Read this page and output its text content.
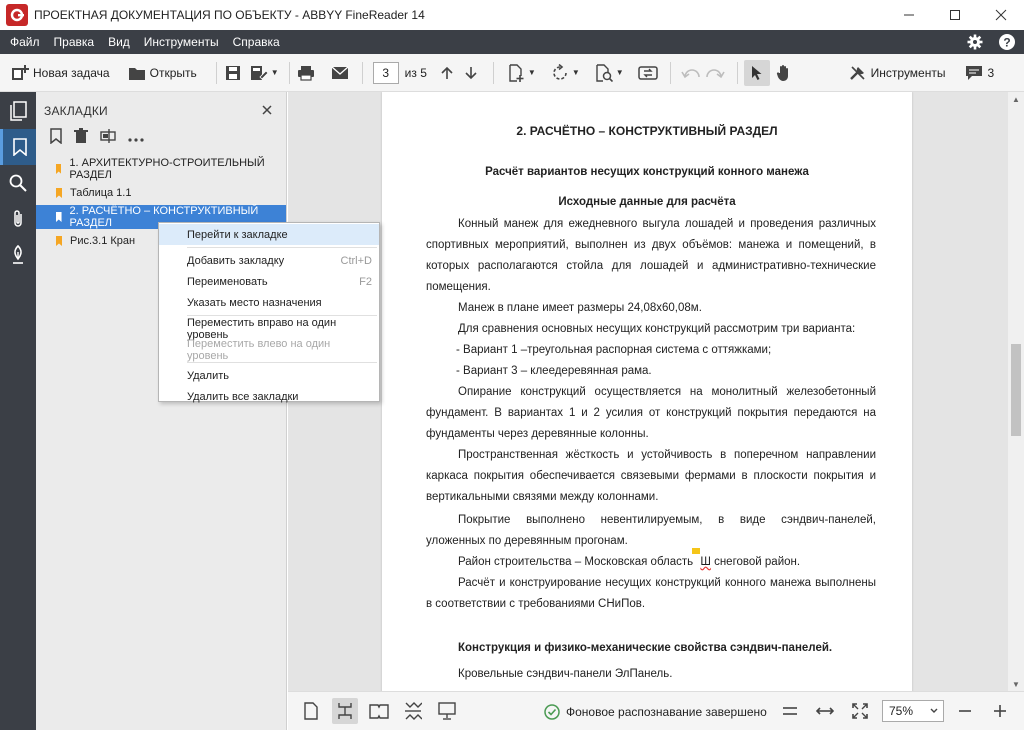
ПРОЕКТНАЯ ДОКУМЕНТАЦИЯ ПО ОБЪЕКТУ - ABBYY FineReader 14
Файл	Правка	Вид	Инструменты	Справка	?
Новая задача	Открыть	▼	3	из 5	▼	▼	▼	Инструменты	3
ЗАКЛАДКИ
1. АРХИТЕКТУРНО-СТРОИТЕЛЬНЫЙ РАЗДЕЛ
Таблица 1.1
2. РАСЧЁТНО – КОНСТРУКТИВНЫЙ РАЗДЕЛ
Рис.3.1 Кран
2. РАСЧЁТНО – КОНСТРУКТИВНЫЙ РАЗДЕЛ
Расчёт вариантов несущих конструкций конного манежа
Исходные данные для расчёта
Конный манеж для ежедневного выгула лошадей и проведения различных спортивных мероприятий, выполнен из двух объёмов: манежа и помещений, в которых располагаются стойла для лошадей и административно-технические помещения.
Манеж в плане имеет размеры 24,08х60,08м.
Для сравнения основных несущих конструкций рассмотрим три варианта:
- Вариант 1 –треугольная распорная система с оттяжками;
- Вариант 3 – клеедеревянная рама.
Опирание конструкций осуществляется на монолитный железобетонный фундамент. В вариантах 1 и 2 усилия от конструкций покрытия передаются на фундаменты через деревянные колонны.
Пространственная жёсткость и устойчивость в поперечном направлении каркаса покрытия обеспечивается связевыми фермами в плоскости покрытия и вертикальными связями между колоннами.
Покрытие выполнено невентилируемым, в виде сэндвич-панелей, уложенных по деревянным прогонам.
Район строительства – Московская область Ш снеговой район.
Расчёт и конструирование несущих конструкций конного манежа выполнены в соответствии с требованиями СНиПов.
Конструкция и физико-механические свойства сэндвич-панелей.
Кровельные сэндвич-панели ЭлПанель.
▲
▼
Фоновое распознавание завершено	75%
Перейти к закладке
Добавить закладку	Ctrl+D
Переименовать	F2
Указать место назначения
Переместить вправо на один уровень
Переместить влево на один уровень
Удалить
Удалить все закладки
